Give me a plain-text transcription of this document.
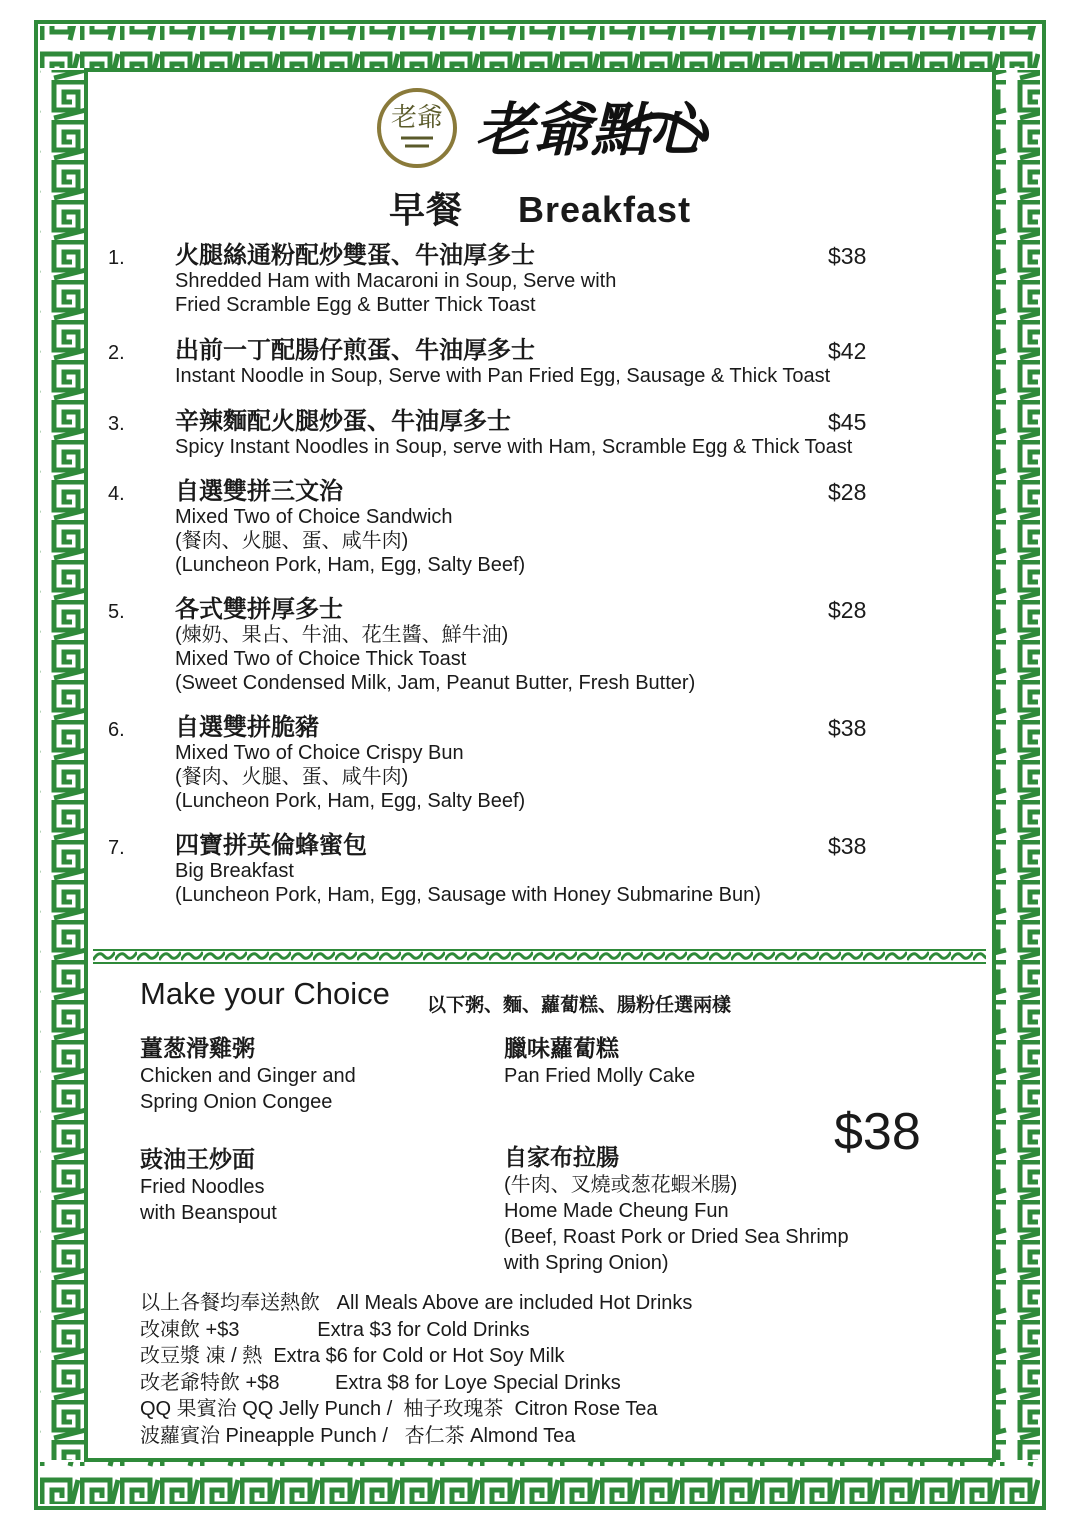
老爺 老爺點心
早餐 Breakfast
1. 火腿絲通粉配炒雙蛋、牛油厚多士
Shredded Ham with Macaroni in Soup, Serve with
Fried Scramble Egg & Butter Thick Toast
$38
2. 出前一丁配腸仔煎蛋、牛油厚多士
Instant Noodle in Soup, Serve with Pan Fried Egg, Sausage & Thick Toast
$42
3. 辛辣麵配火腿炒蛋、牛油厚多士
Spicy Instant Noodles in Soup, serve with Ham, Scramble Egg & Thick Toast
$45
4. 自選雙拼三文治
Mixed Two of Choice Sandwich
(餐肉、火腿、蛋、咸牛肉)
(Luncheon Pork, Ham, Egg, Salty Beef)
$28
5. 各式雙拼厚多士
(煉奶、果占、牛油、花生醬、鮮牛油)
Mixed Two of Choice Thick Toast
(Sweet Condensed Milk, Jam, Peanut Butter, Fresh Butter)
$28
6. 自選雙拼脆豬
Mixed Two of Choice Crispy Bun
(餐肉、火腿、蛋、咸牛肉)
(Luncheon Pork, Ham, Egg, Salty Beef)
$38
7. 四寶拼英倫蜂蜜包
Big Breakfast
(Luncheon Pork, Ham, Egg, Sausage with Honey Submarine Bun)
$38
Make your Choice 以下粥、麵、蘿蔔糕、腸粉任選兩樣
薑葱滑雞粥
Chicken and Ginger and
Spring Onion Congee
臘味蘿蔔糕
Pan Fried Molly Cake
豉油王炒面
Fried Noodles
with Beanspout
自家布拉腸
(牛肉、叉燒或葱花蝦米腸)
Home Made Cheung Fun
(Beef, Roast Pork or Dried Sea Shrimp
with Spring Onion)
$38
以上各餐均奉送熱飲   All Meals Above are included Hot Drinks
改凍飲 +$3              Extra $3 for Cold Drinks
改豆漿 凍 / 熱  Extra $6 for Cold or Hot Soy Milk
改老爺特飲 +$8          Extra $8 for Loye Special Drinks
QQ 果賓治 QQ Jelly Punch /  柚子玫瑰茶  Citron Rose Tea
波蘿賓治 Pineapple Punch /   杏仁茶 Almond Tea
